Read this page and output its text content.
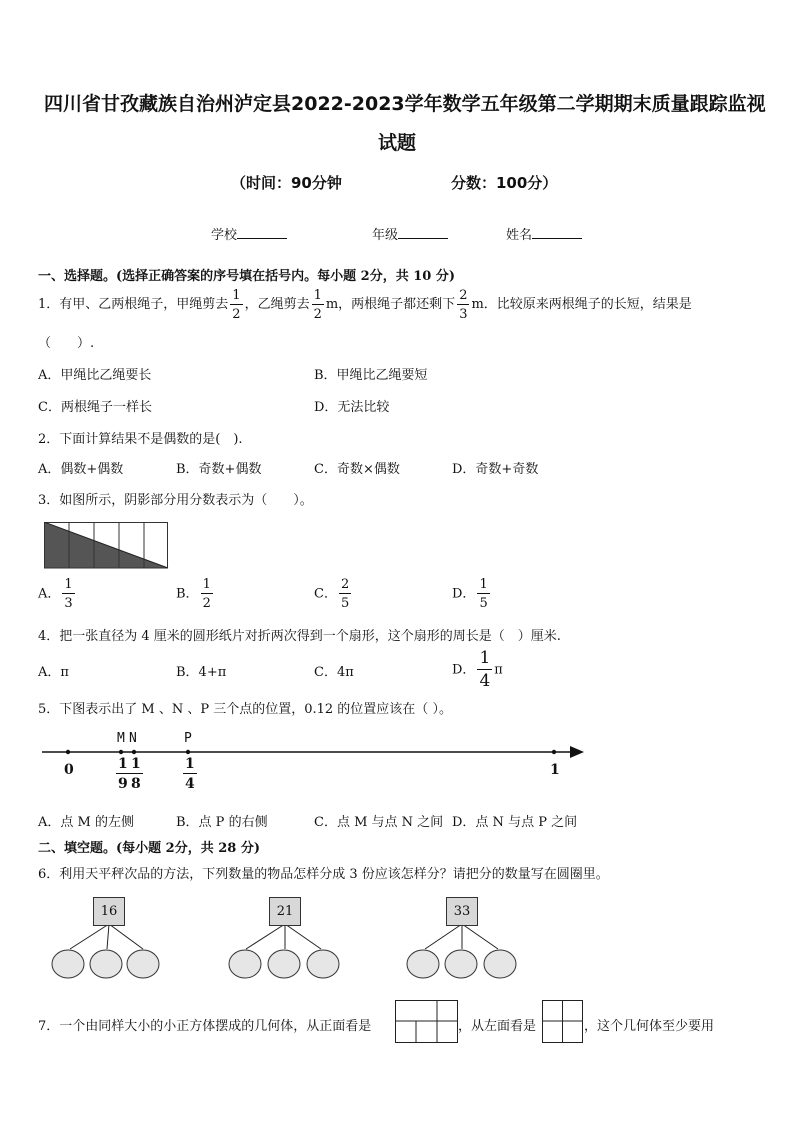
四川省甘孜藏族自治州泸定县2022-2023学年数学五年级第二学期期末质量跟踪监视
试题
（时间：90分钟	分数：100分）
学校	年级	姓名
一、选择题。(选择正确答案的序号填在括号内。每小题 2分，共 10 分)
1．有甲、乙两根绳子，甲绳剪去 $\frac{1}{2}$ ，乙绳剪去 $\frac{1}{2}$ m，两根绳子都还剩下 $\frac{2}{3}$ m．比较原来两根绳子的长短，结果是
（　　）.
A．甲绳比乙绳要长	B．甲绳比乙绳要短
C．两根绳子一样长	D．无法比较
2．下面计算结果不是偶数的是(　).
A．偶数+偶数	B．奇数+偶数	C．奇数×偶数	D．奇数+奇数
3．如图所示，阴影部分用分数表示为（　　）。
A． $\frac{1}{3}$	B． $\frac{1}{2}$	C． $\frac{2}{5}$	D． $\frac{1}{5}$
4．把一张直径为 4 厘米的圆形纸片对折两次得到一个扇形，这个扇形的周长是（　）厘米.
A．π	B．4+π	C．4π	D． $\frac{1}{4}$ π
5．下图表示出了 M 、N 、P 三个点的位置，0.12 的位置应该在（ ）。
M N	P
0	1
$\frac{1}{9} \frac{1}{8}$	$\frac{1}{4}$
A．点 M 的左侧	B．点 P 的右侧	C．点 M 与点 N 之间 D．点 N 与点 P 之间
二、填空题。(每小题 2分，共 28 分)
6．利用天平秤次品的方法，下列数量的物品怎样分成 3 份应该怎样分？请把分的数量写在圆圈里。
16	21	33
7．一个由同样大小的小正方体摆成的几何体，从正面看是	，从左面看是	，这个几何体至少要用
